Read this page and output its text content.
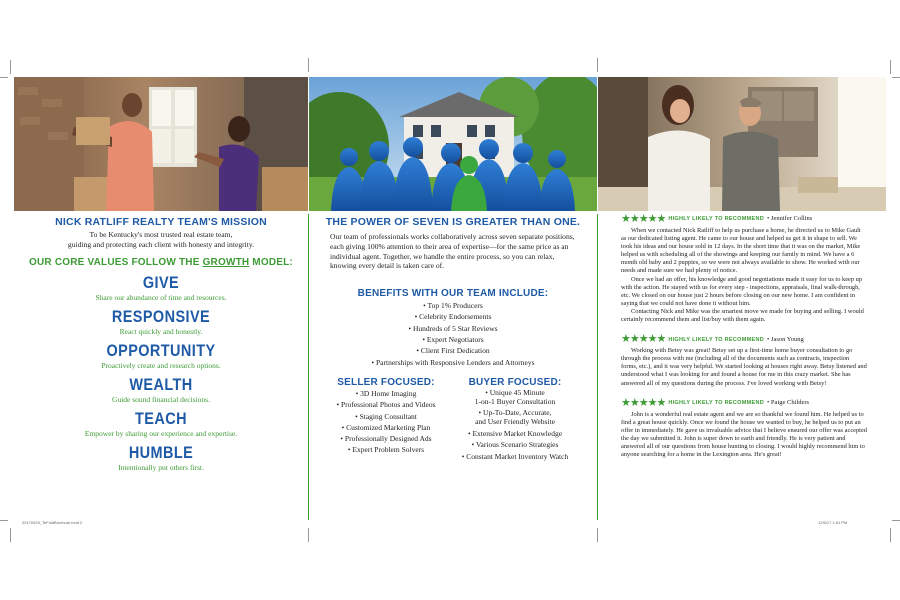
20170929_TeFoldBrochure.indd 2	12/6/17 1:51 PM
NICK RATLIFF REALTY TEAM'S MISSION
To be Kentucky's most trusted real estate team,
guiding and protecting each client with honesty and integrity.
OUR CORE VALUES FOLLOW THE GROWTH MODEL:
GIVE
Share our abundance of time and resources.
RESPONSIVE
React quickly and honestly.
OPPORTUNITY
Proactively create and research options.
WEALTH
Guide sound financial decisions.
TEACH
Empower by sharing our experience and expertise.
HUMBLE
Intentionally put others first.
THE POWER OF SEVEN IS GREATER THAN ONE.
Our team of professionals works collaboratively across seven separate positions, each giving 100% attention to their area of expertise—for the same price as an individual agent. Together, we handle the entire process, so you can relax, knowing every detail is taken care of.
BENEFITS WITH OUR TEAM INCLUDE:
• Top 1% Producers
• Celebrity Endorsements
• Hundreds of 5 Star Reviews
• Expert Negotiators
• Client First Dedication
• Partnerships with Responsive Lenders and Attorneys
SELLER FOCUSED:
• 3D Home Imaging
• Professional Photos and Videos
• Staging Consultant
• Customized Marketing Plan
• Professionally Designed Ads
• Expert Problem Solvers
BUYER FOCUSED:
• Unique 45 Minute
1-on-1 Buyer Consultation
• Up-To-Date, Accurate,
and User Friendly Website
• Extensive Market Knowledge
• Various Scenario Strategies
• Constant Market Inventory Watch
★★★★★ HIGHLY LIKELY TO RECOMMEND • Jennifer Collins

When we contacted Nick Ratliff to help us purchase a home, he directed us to Mike Gault as our dedicated listing agent. He came to our house and helped us get it in shape to sell. We took his ideas and our house sold in 12 days. In the short time that it was on the market, Mike helped us with scheduling all of the showings and keeping our family in mind. We have a 6 month old baby and 2 puppies, so we were not always available to show. He worked with our needs and made sure we had plenty of notice.

Once we had an offer, his knowledge and good negotiations made it easy for us to keep up with the action. He stayed with us for every step - inspections, appraisals, final walk-through, etc. We closed on our house just 2 hours before closing on our new home. I am confident in saying that we could not have done it without him.

Contacting Nick and Mike was the smartest move we made for buying and selling. I would certainly recommend them and list/buy with them again.

★★★★★ HIGHLY LIKELY TO RECOMMEND • Jason Young

Working with Betsy was great! Betsy set up a first-time home buyer consultation to go through the process with me (including all of the documents such as contracts, inspection forms, etc.), and it was very helpful. We started looking at houses right away. Betsy listened and understood what I was looking for and found a house for me in this crazy market. She has answered all of my questions during the process. I've loved working with Betsy!

★★★★★ HIGHLY LIKELY TO RECOMMEND • Paige Childers

John is a wonderful real estate agent and we are so thankful we found him. He helped us to find a great house quickly. Once we found the house we wanted to buy, he helped us to put an offer in immediately. He gave us invaluable advice that I believe ensured our offer was accepted the day we submitted it. John is super down to earth and friendly. He is very patient and answered all of our questions from house hunting to closing. I would highly recommend him to anyone searching for a home in the Lexington area. He's great!
